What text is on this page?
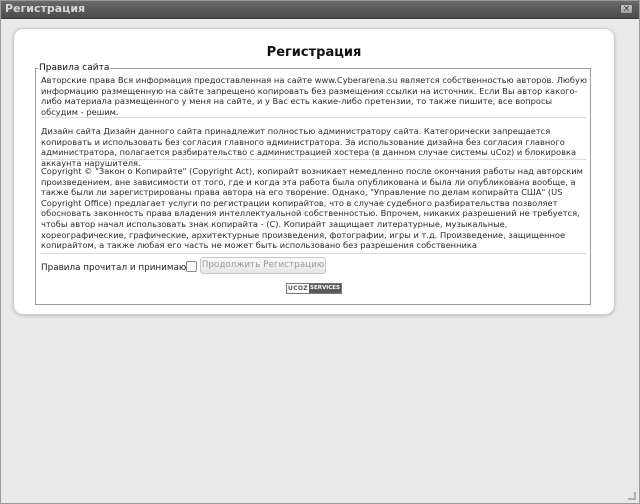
Регистрация	×
Регистрация
Правила сайта

Авторские права Вся информация предоставленная на сайте www.Cyberarena.su является собственностью авторов. Любую информацию размещенную на сайте запрещено копировать без размещения ссылки на источник. Если Вы автор какого-либо материала размещенного у меня на сайте, и у Вас есть какие-либо претензии, то также пишите, все вопросы обсудим - решим.

Дизайн сайта Дизайн данного сайта принадлежит полностью администратору сайта. Категорически запрещается копировать и использовать без согласия главного администратора. За использование дизайна без согласия главного администратора, полагается разбирательство с администрацией хостера (в данном случае системы uCoz) и блокировка аккаунта нарушителя.

Copyright © "Закон о Копирайте" (Copyright Act), копирайт возникает немедленно после окончания работы над авторским произведением, вне зависимости от того, где и когда эта работа была опубликована и была ли опубликована вообще, а также были ли зарегистрированы права автора на его творение. Однако, "Управление по делам копирайта США" (US Copyright Office) предлагает услуги по регистрации копирайтов, что в случае судебного разбирательства позволяет обосновать законность права владения интеллектуальной собственностью. Впрочем, никаких разрешений не требуется, чтобы автор начал использовать знак копирайта - (С). Копирайт защищает литературные, музыкальные, хореографические, графические, архитектурные произведения, фотографии, игры и т.д. Произведение, защищенное копирайтом, а также любая его часть не может быть использовано без разрешения собственника

Правила прочитал и принимаю Продолжить Регистрацию
UCOZ SERVICES
